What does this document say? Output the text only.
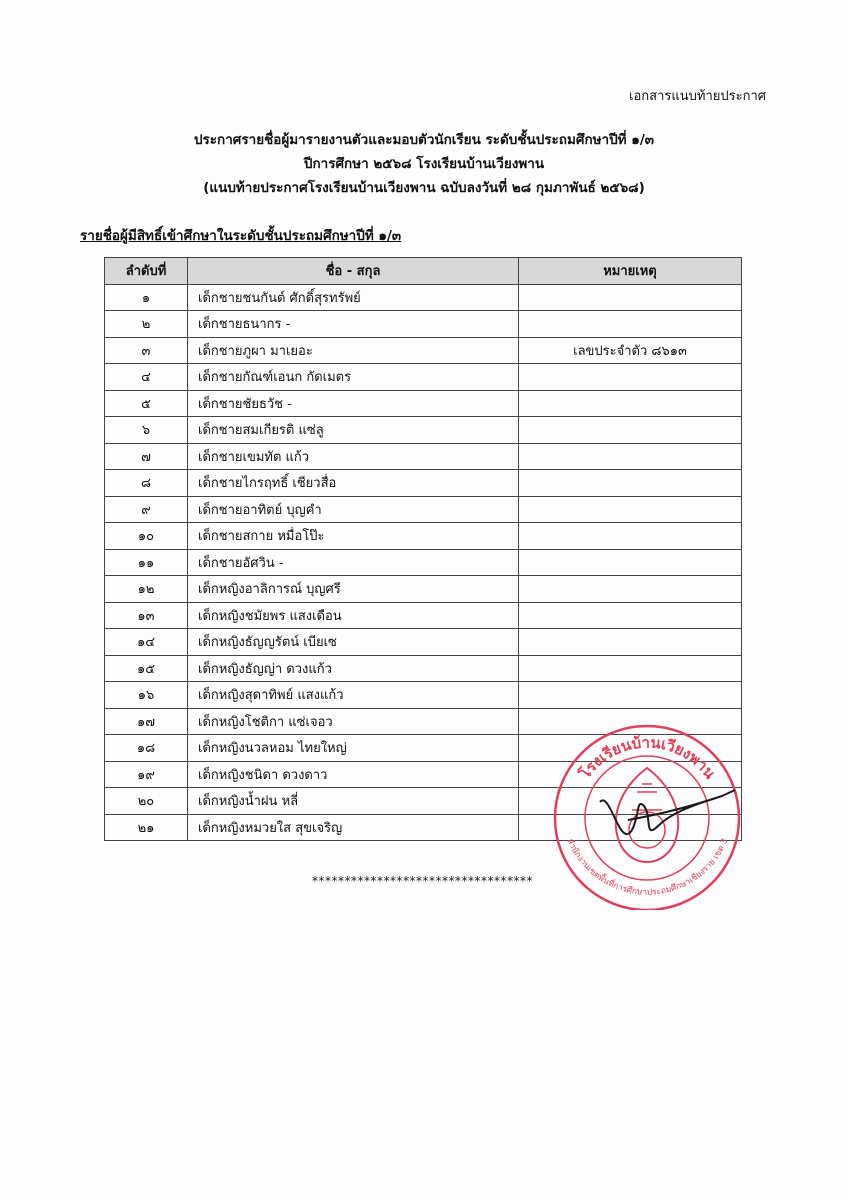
เอกสารแนบท้ายประกาศ
ประกาศรายชื่อผู้มารายงานตัวและมอบตัวนักเรียน ระดับชั้นประถมศึกษาปีที่ ๑/๓
ปีการศึกษา ๒๕๖๘ โรงเรียนบ้านเวียงพาน
(แนบท้ายประกาศโรงเรียนบ้านเวียงพาน ฉบับลงวันที่ ๒๘ กุมภาพันธ์ ๒๕๖๘)
รายชื่อผู้มีสิทธิ์เข้าศึกษาในระดับชั้นประถมศึกษาปีที่ ๑/๓
ลำดับที่	ชื่อ - สกุล	หมายเหตุ
๑	เด็กชายชนกันต์ ศักดิ์สุรทรัพย์	
๒	เด็กชายธนากร -	
๓	เด็กชายภูผา มาเยอะ	เลขประจำตัว ๘๖๑๓
๔	เด็กชายกัณฑ์เอนก กัดเมตร	
๕	เด็กชายชัยธวัช -	
๖	เด็กชายสมเกียรติ แซ่ลู	
๗	เด็กชายเขมทัต แก้ว	
๘	เด็กชายไกรฤทธิ์ เชียวสื่อ	
๙	เด็กชายอาทิตย์ บุญคำ	
๑๐	เด็กชายสกาย หมื่อโป๊ะ	
๑๑	เด็กชายอัศวิน -	
๑๒	เด็กหญิงอาลิการณ์ บุญศรี	
๑๓	เด็กหญิงชมัยพร แสงเดือน	
๑๔	เด็กหญิงธัญญรัตน์ เบียเซ	
๑๕	เด็กหญิงธัญญ่า ดวงแก้ว	
๑๖	เด็กหญิงสุดาทิพย์ แสงแก้ว	
๑๗	เด็กหญิงโชติกา แซ่เจอว	
๑๘	เด็กหญิงนวลหอม ไทยใหญ่	
๑๙	เด็กหญิงชนิดา ดวงดาว	
๒๐	เด็กหญิงน้ำฝน หลี่	
๒๑	เด็กหญิงหมวยใส สุขเจริญ	
**********************************
โรงเรียนบ้านเวียงพาน
สำนักงานเขตพื้นที่การศึกษาประถมศึกษาเชียงราย เขต 3
